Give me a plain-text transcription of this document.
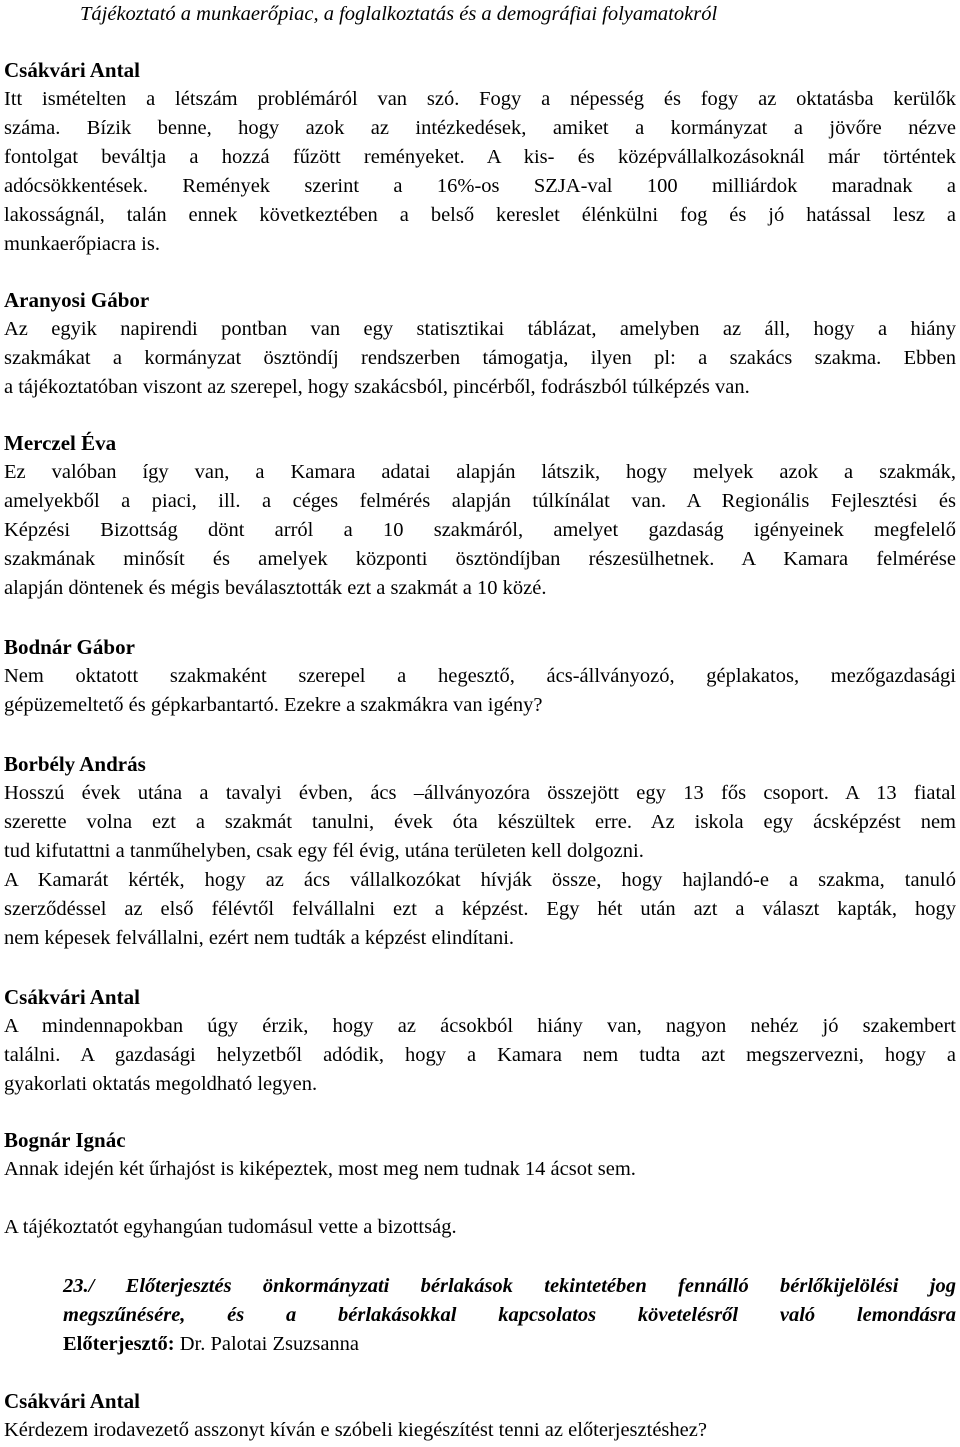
Tájékoztató a munkaerőpiac, a foglalkoztatás és a demográfiai folyamatokról
Csákvári Antal
Itt ismételten a létszám problémáról van szó. Fogy a népesség és fogy az oktatásba kerülők
száma. Bízik benne, hogy azok az intézkedések, amiket a kormányzat a jövőre nézve
fontolgat beváltja a hozzá fűzött reményeket. A kis- és középvállalkozásoknál már történtek
adócsökkentések. Remények szerint a 16%-os SZJA-val 100 milliárdok maradnak a
lakosságnál, talán ennek következtében a belső kereslet élénkülni fog és jó hatással lesz a
munkaerőpiacra is.
Aranyosi Gábor
Az egyik napirendi pontban van egy statisztikai táblázat, amelyben az áll, hogy a hiány
szakmákat a kormányzat ösztöndíj rendszerben támogatja, ilyen pl: a szakács szakma. Ebben
a tájékoztatóban viszont az szerepel, hogy szakácsból, pincérből, fodrászból túlképzés van.
Merczel Éva
Ez valóban így van, a Kamara adatai alapján látszik, hogy melyek azok a szakmák,
amelyekből a piaci, ill. a céges felmérés alapján túlkínálat van. A Regionális Fejlesztési és
Képzési Bizottság dönt arról a 10 szakmáról, amelyet gazdaság igényeinek megfelelő
szakmának minősít és amelyek központi ösztöndíjban részesülhetnek. A Kamara felmérése
alapján döntenek és mégis beválasztották ezt a szakmát a 10 közé.
Bodnár Gábor
Nem oktatott szakmaként szerepel a hegesztő, ács-állványozó, géplakatos, mezőgazdasági
gépüzemeltető és gépkarbantartó. Ezekre a szakmákra van igény?
Borbély András
Hosszú évek utána a tavalyi évben, ács –állványozóra összejött egy 13 fős csoport. A 13 fiatal
szerette volna ezt a szakmát tanulni, évek óta készültek erre. Az iskola egy ácsképzést nem
tud kifutattni a tanműhelyben, csak egy fél évig, utána területen kell dolgozni.
A Kamarát kérték, hogy az ács vállalkozókat hívják össze, hogy hajlandó-e a szakma, tanuló
szerződéssel az első félévtől felvállalni ezt a képzést. Egy hét után azt a választ kapták, hogy
nem képesek felvállalni, ezért nem tudták a képzést elindítani.
Csákvári Antal
A mindennapokban úgy érzik, hogy az ácsokból hiány van, nagyon nehéz jó szakembert
találni. A gazdasági helyzetből adódik, hogy a Kamara nem tudta azt megszervezni, hogy a
gyakorlati oktatás megoldható legyen.
Bognár Ignác
Annak idején két űrhajóst is kiképeztek, most meg nem tudnak 14 ácsot sem.
A tájékoztatót egyhangúan tudomásul vette a bizottság.
23./ Előterjesztés önkormányzati bérlakások tekintetében fennálló bérlőkijelölési jog
megszűnésére, és a bérlakásokkal kapcsolatos követelésről való lemondásra
Előterjesztő: Dr. Palotai Zsuzsanna
Csákvári Antal
Kérdezem irodavezető asszonyt kíván e szóbeli kiegészítést tenni az előterjesztéshez?
